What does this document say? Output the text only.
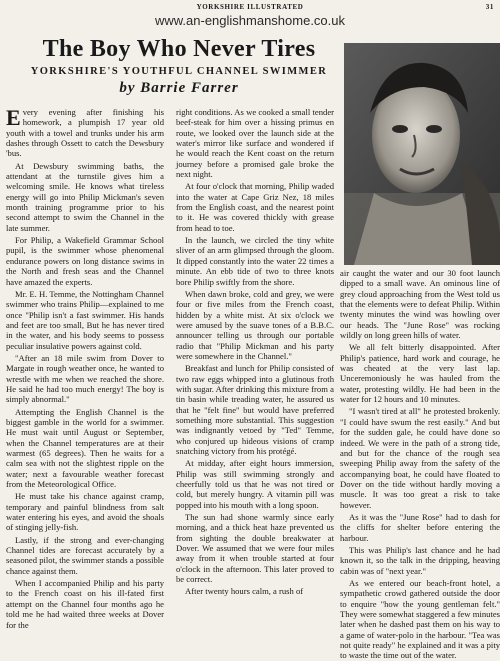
YORKSHIRE ILLUSTRATED	31
www.an-englishmanshome.co.uk
The Boy Who Never Tires
YORKSHIRE'S YOUTHFUL CHANNEL SWIMMER
by Barrie Farrer

Every evening after finishing his homework, a plumpish 17 year old youth with a towel and trunks under his arm dashes through Ossett to catch the Dewsbury 'bus.

At Dewsbury swimming baths, the attendant at the turnstile gives him a welcoming smile. He knows what tireless energy will go into Philip Mickman's seven month training programme prior to his second attempt to swim the Channel in the late summer.

For Philip, a Wakefield Grammar School pupil, is the swimmer whose phenomenal endurance powers on long distance swims in the North and fresh seas and the Channel have amazed the experts.

Mr. E. H. Temme, the Nottingham Channel swimmer who trains Philip—explained to me once "Philip isn't a fast swimmer. His hands and feet are too small, But he has never tired in the water, and his body seems to possess peculiar insulative powers against cold.

"After an 18 mile swim from Dover to Margate in rough weather once, he wanted to wrestle with me when we reached the shore. He said he had too much energy! The boy is simply abnormal."

Attempting the English Channel is the biggest gamble in the world for a swimmer. He must wait until August or September, when the Channel temperatures are at their warmest (65 degrees). Then he waits for a calm sea with not the slightest ripple on the water; next a favourable weather forecast from the Meteorological Office.

He must take his chance against cramp, temporary and painful blindness from salt water entering his eyes, and avoid the shoals of stinging jelly-fish.

Lastly, if the strong and ever-changing Channel tides are forecast accurately by a seasoned pilot, the swimmer stands a possible chance against them.

When I accompanied Philip and his party to the French coast on his ill-fated first attempt on the Channel four months ago he told me he had waited three weeks at Dover for the

right conditions. As we cooked a small tender beef-steak for him over a hissing primus en route, we looked over the launch side at the water's mirror like surface and wondered if he would reach the Kent coast on the return journey before a promised gale broke the next night.

At four o'clock that morning, Philip waded into the water at Cape Griz Nez, 18 miles from the English coast, and the nearest point to it. He was covered thickly with grease from head to toe.

In the launch, we circled the tiny white sliver of an arm glimpsed through the gloom. It dipped constantly into the water 22 times a minute. An ebb tide of two to three knots bore Philip swiftly from the shore.

When dawn broke, cold and grey, we were four or five miles from the French coast, hidden by a white mist. At six o'clock we were amused by the suave tones of a B.B.C. announcer telling us through our portable radio that "Philip Mickman and his party were somewhere in the Channel."

Breakfast and lunch for Philip consisted of two raw eggs whipped into a glutinous froth with sugar. After drinking this mixture from a tin basin while treading water, he assured us that he "felt fine" but would have preferred something more substantial. This suggestion was indignantly vetoed by "Ted" Temme, who conjured up hideous visions of cramp snatching victory from his protégé.

At midday, after eight hours immersion, Philip was still swimming strongly and cheerfully told us that he was not tired or cold, but merely hungry. A vitamin pill was popped into his mouth with a long spoon.

The sun had shone warmly since early morning, and a thick heat haze prevented us from sighting the double breakwater at Dover. We assumed that we were four miles away from it when trouble started at four o'clock in the afternoon. This later proved to be correct.

After twenty hours calm, a rush of

air caught the water and our 30 foot launch dipped to a small wave. An ominous line of grey cloud approaching from the West told us that the elements were to defeat Philip. Within twenty minutes the wind was howling over our heads. The "June Rose" was rocking wildly on long green hills of water.

We all felt bitterly disappointed. After Philip's patience, hard work and courage, he was cheated at the very last lap. Unceremoniously he was hauled from the water, protesting wildly. He had been in the water for 12 hours and 10 minutes.

"I wasn't tired at all" he protested brokenly. "I could have swum the rest easily." And but for the sudden gale, he could have done so indeed. We were in the path of a strong tide, and but for the chance of the rough sea sweeping Philip away from the safety of the accompanying boat, he could have floated to Dover on the tide without hardly moving a muscle. It was too great a risk to take however.

As it was the "June Rose" had to dash for the cliffs for shelter before entering the harbour.

This was Philip's last chance and he had known it, so the talk in the dripping, heaving cabin was of "next year."

As we entered our beach-front hotel, a sympathetic crowd gathered outside the door to enquire "how the young gentleman felt." They were somewhat staggered a few minutes later when he dashed past them on his way to a game of water-polo in the harbour. "Tea was not quite ready" he explained and it was a pity to waste the time out of the water.
